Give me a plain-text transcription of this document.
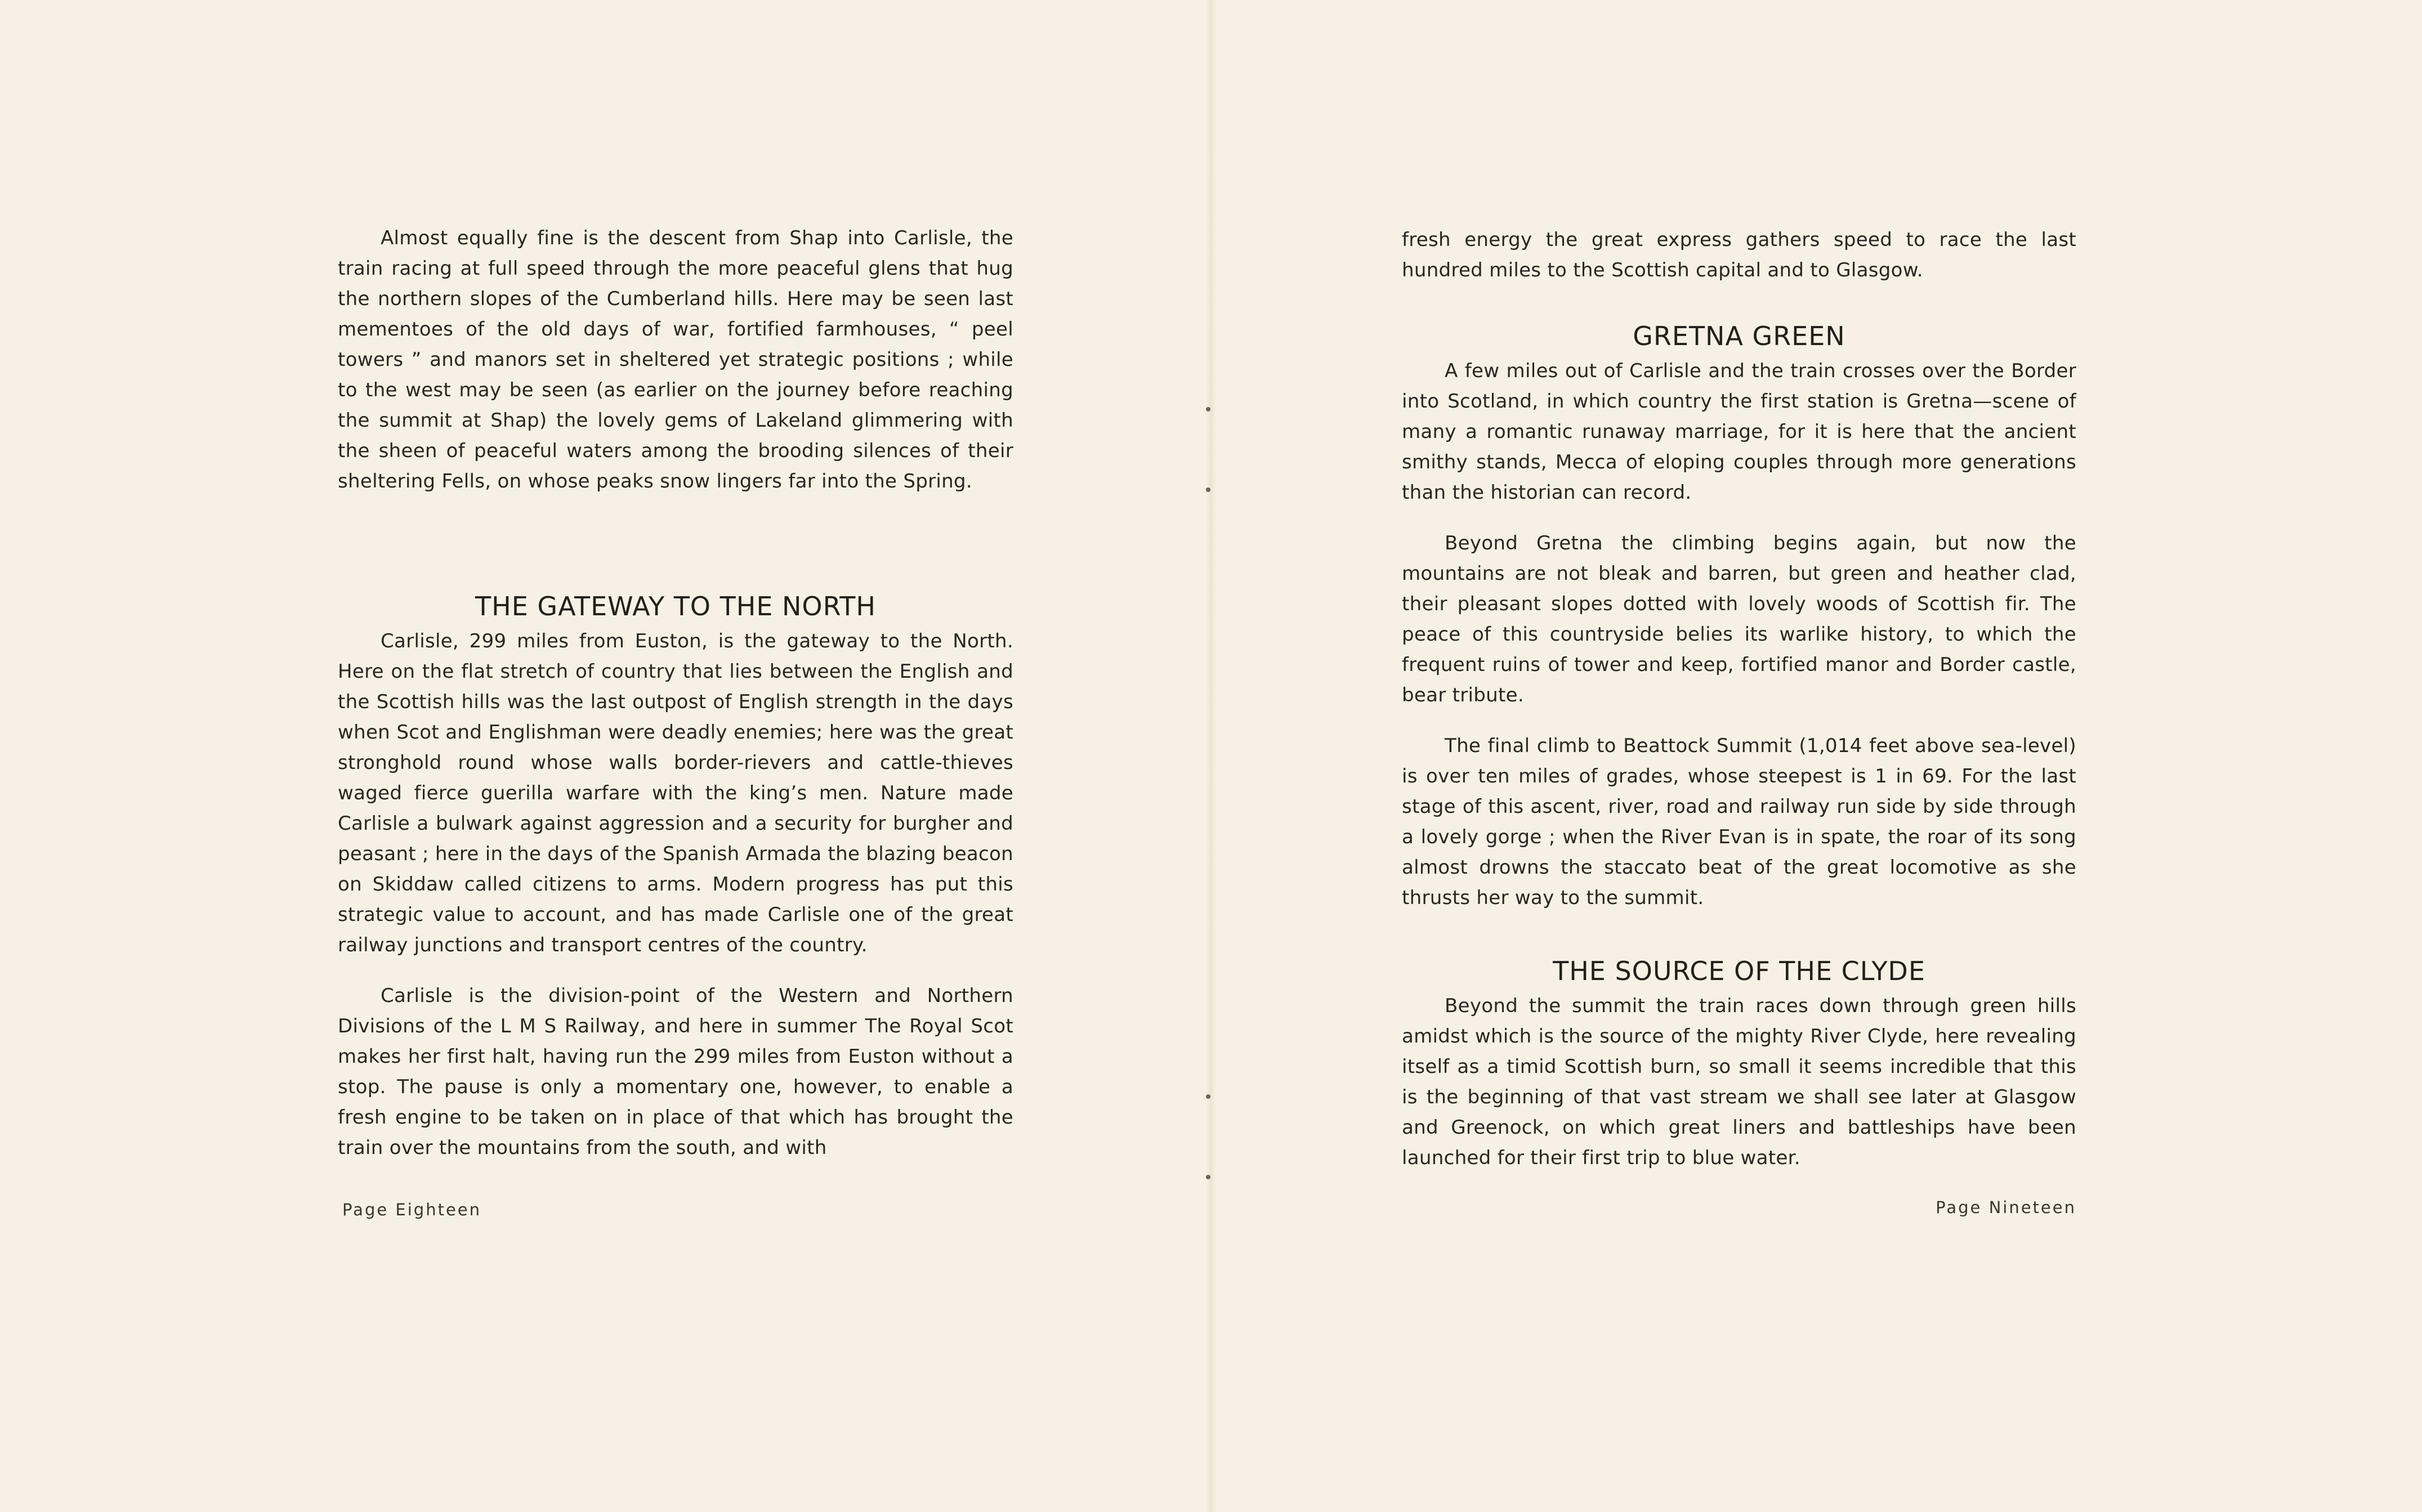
Almost equally fine is the descent from Shap into Carlisle, the train racing at full speed through the more peaceful glens that hug the northern slopes of the Cumberland hills. Here may be seen last mementoes of the old days of war, fortified farmhouses, “ peel towers ” and manors set in sheltered yet strategic positions ; while to the west may be seen (as earlier on the journey before reaching the summit at Shap) the lovely gems of Lakeland glimmering with the sheen of peaceful waters among the brooding silences of their sheltering Fells, on whose peaks snow lingers far into the Spring.

THE GATEWAY TO THE NORTH

Carlisle, 299 miles from Euston, is the gateway to the North. Here on the flat stretch of country that lies between the English and the Scottish hills was the last outpost of English strength in the days when Scot and Englishman were deadly enemies; here was the great stronghold round whose walls border-rievers and cattle-thieves waged fierce guerilla warfare with the king’s men. Nature made Carlisle a bulwark against aggression and a security for burgher and peasant ; here in the days of the Spanish Armada the blazing beacon on Skiddaw called citizens to arms. Modern progress has put this strategic value to account, and has made Carlisle one of the great railway junctions and transport centres of the country.

Carlisle is the division-point of the Western and Northern Divisions of the L M S Railway, and here in summer The Royal Scot makes her first halt, having run the 299 miles from Euston without a stop. The pause is only a momentary one, however, to enable a fresh engine to be taken on in place of that which has brought the train over the mountains from the south, and with

Page Eighteen

fresh energy the great express gathers speed to race the last hundred miles to the Scottish capital and to Glasgow.

GRETNA GREEN

A few miles out of Carlisle and the train crosses over the Border into Scotland, in which country the first station is Gretna—scene of many a romantic runaway marriage, for it is here that the ancient smithy stands, Mecca of eloping couples through more generations than the historian can record.

Beyond Gretna the climbing begins again, but now the mountains are not bleak and barren, but green and heather clad, their pleasant slopes dotted with lovely woods of Scottish fir. The peace of this countryside belies its warlike history, to which the frequent ruins of tower and keep, fortified manor and Border castle, bear tribute.

The final climb to Beattock Summit (1,014 feet above sea-level) is over ten miles of grades, whose steepest is 1 in 69. For the last stage of this ascent, river, road and railway run side by side through a lovely gorge ; when the River Evan is in spate, the roar of its song almost drowns the staccato beat of the great locomotive as she thrusts her way to the summit.

THE SOURCE OF THE CLYDE

Beyond the summit the train races down through green hills amidst which is the source of the mighty River Clyde, here revealing itself as a timid Scottish burn, so small it seems incredible that this is the beginning of that vast stream we shall see later at Glasgow and Greenock, on which great liners and battleships have been launched for their first trip to blue water.

Page Nineteen
